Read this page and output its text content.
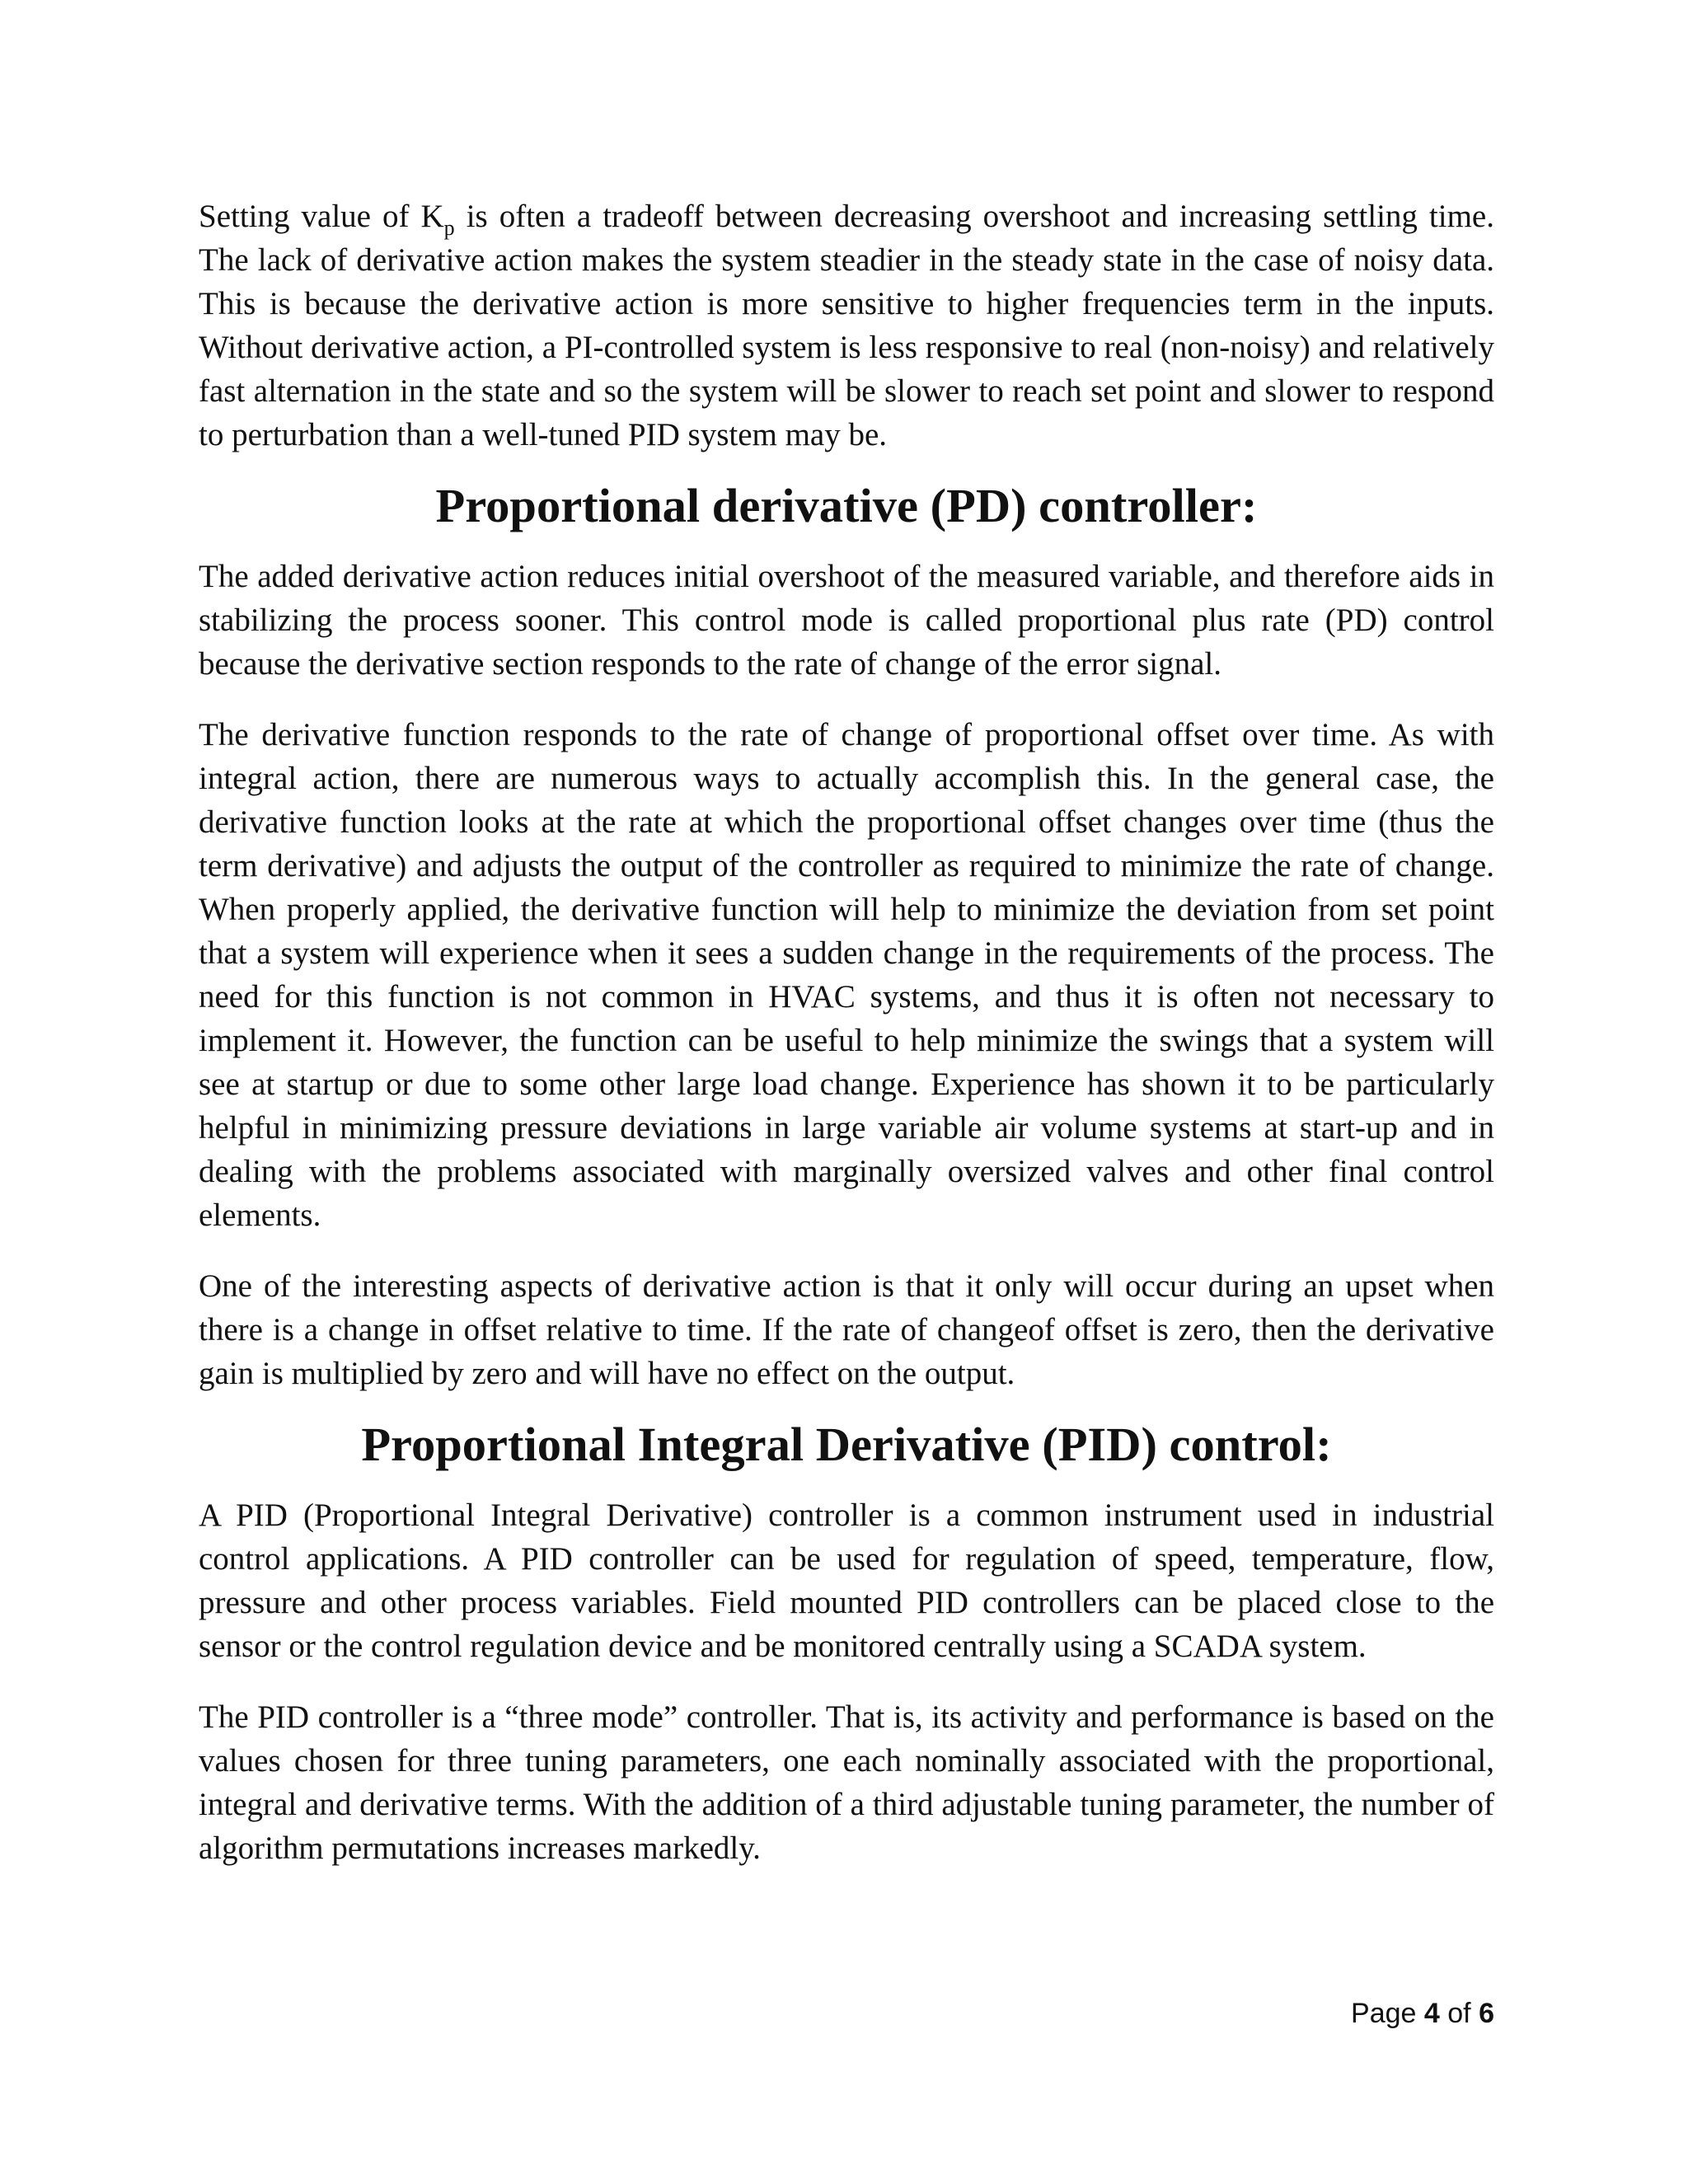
Setting value of $K_p$ is often a tradeoff between decreasing overshoot and increasing settling time. The lack of derivative action makes the system steadier in the steady state in the case of noisy data. This is because the derivative action is more sensitive to higher frequencies term in the inputs. Without derivative action, a PI-controlled system is less responsive to real (non-noisy) and relatively fast alternation in the state and so the system will be slower to reach set point and slower to respond to perturbation than a well-tuned PID system may be.

Proportional derivative (PD) controller:

The added derivative action reduces initial overshoot of the measured variable, and therefore aids in stabilizing the process sooner. This control mode is called proportional plus rate (PD) control because the derivative section responds to the rate of change of the error signal.

The derivative function responds to the rate of change of proportional offset over time. As with integral action, there are numerous ways to actually accomplish this. In the general case, the derivative function looks at the rate at which the proportional offset changes over time (thus the term derivative) and adjusts the output of the controller as required to minimize the rate of change. When properly applied, the derivative function will help to minimize the deviation from set point that a system will experience when it sees a sudden change in the requirements of the process. The need for this function is not common in HVAC systems, and thus it is often not necessary to implement it. However, the function can be useful to help minimize the swings that a system will see at startup or due to some other large load change. Experience has shown it to be particularly helpful in minimizing pressure deviations in large variable air volume systems at start-up and in dealing with the problems associated with marginally oversized valves and other final control elements.

One of the interesting aspects of derivative action is that it only will occur during an upset when there is a change in offset relative to time. If the rate of changeof offset is zero, then the derivative gain is multiplied by zero and will have no effect on the output.

Proportional Integral Derivative (PID) control:

A PID (Proportional Integral Derivative) controller is a common instrument used in industrial control applications. A PID controller can be used for regulation of speed, temperature, flow, pressure and other process variables. Field mounted PID controllers can be placed close to the sensor or the control regulation device and be monitored centrally using a SCADA system.

The PID controller is a “three mode” controller. That is, its activity and performance is based on the values chosen for three tuning parameters, one each nominally associated with the proportional, integral and derivative terms. With the addition of a third adjustable tuning parameter, the number of algorithm permutations increases markedly.

Page 4 of 6
